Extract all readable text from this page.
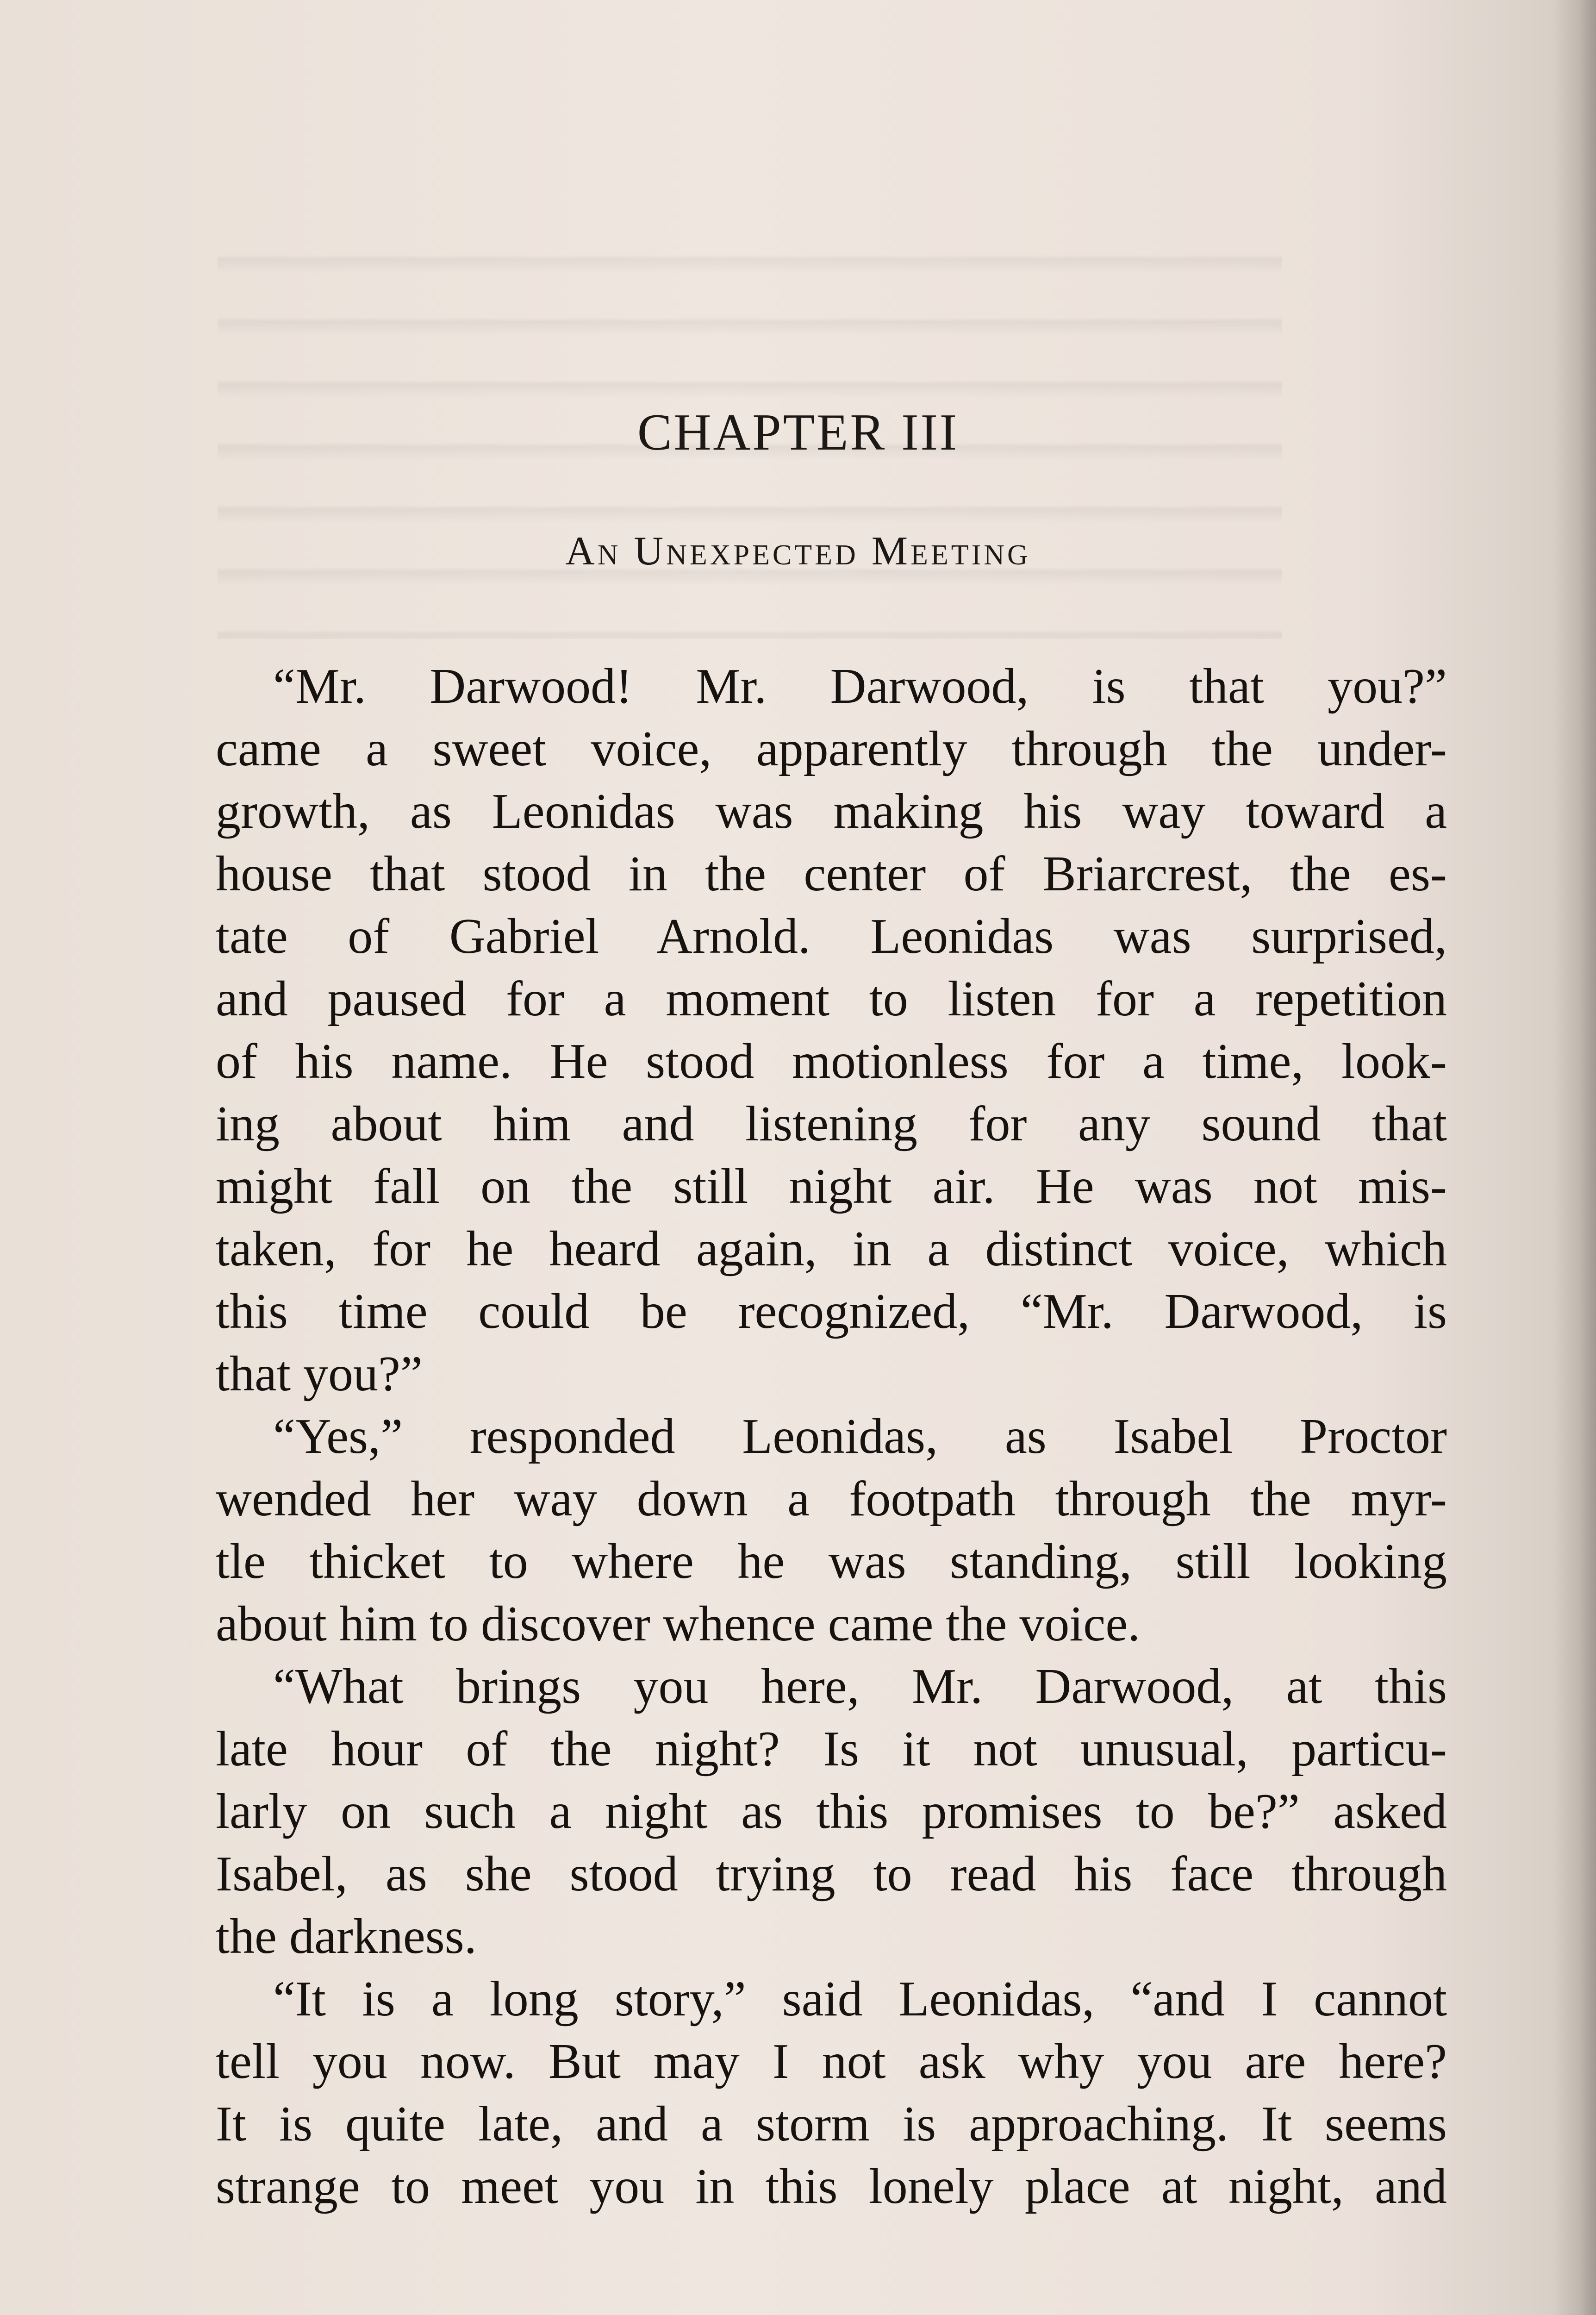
CHAPTER III
An Unexpected Meeting

“Mr. Darwood! Mr. Darwood, is that you?”
came a sweet voice, apparently through the under-
growth, as Leonidas was making his way toward a
house that stood in the center of Briarcrest, the es-
tate of Gabriel Arnold. Leonidas was surprised,
and paused for a moment to listen for a repetition
of his name. He stood motionless for a time, look-
ing about him and listening for any sound that
might fall on the still night air. He was not mis-
taken, for he heard again, in a distinct voice, which
this time could be recognized, “Mr. Darwood, is
that you?”

“Yes,” responded Leonidas, as Isabel Proctor
wended her way down a footpath through the myr-
tle thicket to where he was standing, still looking
about him to discover whence came the voice.

“What brings you here, Mr. Darwood, at this
late hour of the night? Is it not unusual, particu-
larly on such a night as this promises to be?” asked
Isabel, as she stood trying to read his face through
the darkness.

“It is a long story,” said Leonidas, “and I cannot
tell you now. But may I not ask why you are here?
It is quite late, and a storm is approaching. It seems
strange to meet you in this lonely place at night, and
